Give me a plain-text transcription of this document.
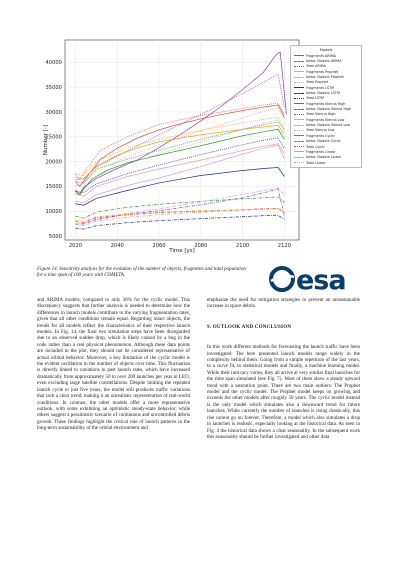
5000
10000
15000
20000
25000
30000
35000
40000
2020	2040	2060	2080	2100	2120
Time [ys]
Number [-]
Models
Fragments ARIMA
Intact Objects ARIMA
Total ARIMA
Fragments Prophet
Intact Objects Prophet
Total Prophet
Fragments LSTM
Intact Objects LSTM
Total LSTM
Fragments Vienna High
Intact Objects Vienna High
Total Vienna High
Fragments Vienna Low
Intact Objects Vienna Low
Total Vienna Low
Fragments Cyclic
Intact Objects Cyclic
Total Cyclic
Fragments Linear
Intact Objects Linear
Total Linear
Figure 14. Sensitivity analysis for the evolution of the number of objects, fragments and total population for a time span of 100 years with COMETA.	esa

and ARIMA models, compared to only 30% for the cyclic model. This discrepancy suggests that further analysis is needed to determine how the differences in launch models contribute to the varying fragmentation rates, given that all other conditions remain equal. Regarding intact objects, the trends for all models reflect the characteristics of their respective launch models. In Fig. 14, the final two simulation steps have been disregarded due to an observed sudden drop, which is likely caused by a bug in the code rather than a real physical phenomenon. Although these data points are included in the plot, they should not be considered representative of actual orbital behavior. Moreover, a key limitation of the cyclic model is the evident oscillation in the number of objects over time. This fluctuation is directly linked to variations in past launch rates, which have increased dramatically from approximately 50 to over 200 launches per year in LEO, even excluding large satellite constellations. Despite limiting the repeated launch cycle to just five years, the model still produces traffic variations that lack a clear trend, making it an unrealistic representation of real-world conditions. In contrast, the other models offer a more representative outlook, with some exhibiting an optimistic steady-state behavior, while others suggest a pessimistic scenario of continuous and uncontrolled debris growth. These findings highlight the critical role of launch patterns in the long-term sustainability of the orbital environment and

emphasize the need for mitigation strategies to prevent an unsustainable increase in space debris.

9. OUTLOOK AND CONCLUSION

In this work different methods for forecasting the launch traffic have been investigated. The here presented launch models range widely in the complexity behind them. Going from a simple repetition of the last years, to a curve fit, to statistical models and finally, a machine learning model. While their intricacy varies, they all arrive at very similar final launches for the time span simulated (see Fig. 7). Most of them show a steady upward trend with a saturation point. There are two main outliers: The Prophet model and the cyclic model. The Prophet model keeps on growing and exceeds the other models after roughly 50 years. The cyclic model instead is the only model which simulates also a downward trend for future launches. While currently the number of launches is rising drastically, this rise cannot go on forever. Therefore, a model which also simulates a drop in launches is realistic, especially looking at the historical data. As seen in Fig. 4 the historical data shows a clear seasonality. In the subsequent work this seasonality should be further investigated and other data
